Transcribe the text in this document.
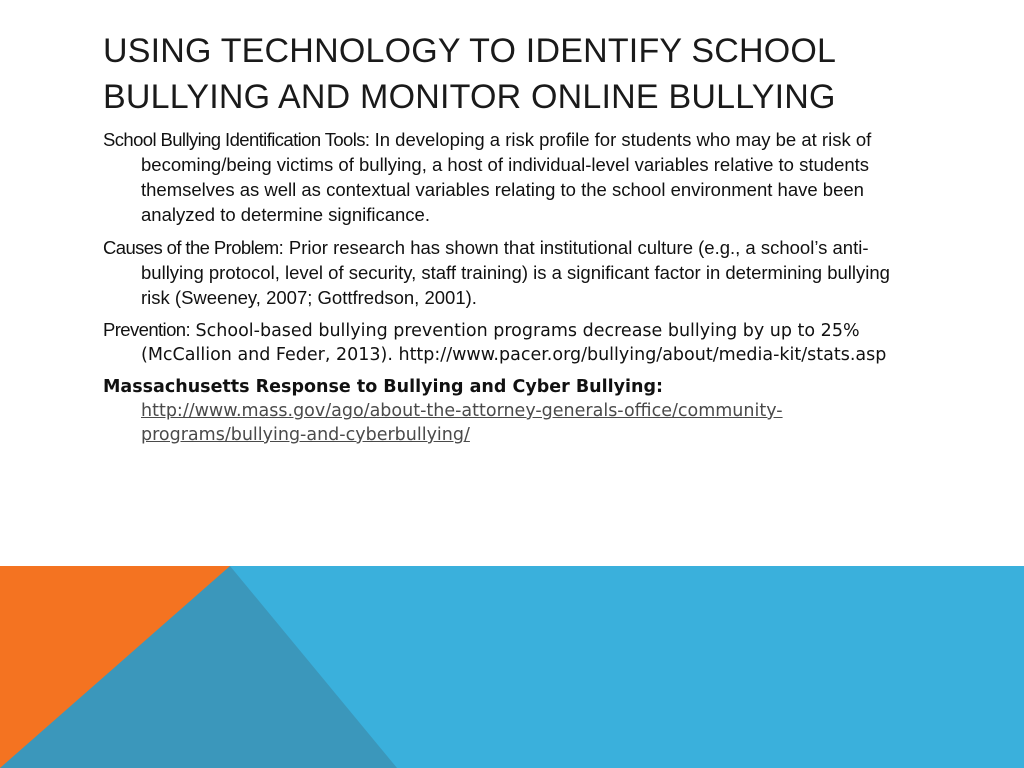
USING TECHNOLOGY TO IDENTIFY SCHOOL BULLYING AND MONITOR ONLINE BULLYING

School Bullying Identification Tools: In developing a risk profile for students who may be at risk of becoming/being victims of bullying, a host of individual-level variables relative to students themselves as well as contextual variables relating to the school environment have been analyzed to determine significance.

Causes of the Problem: Prior research has shown that institutional culture (e.g., a school’s anti-bullying protocol, level of security, staff training) is a significant factor in determining bullying risk (Sweeney, 2007; Gottfredson, 2001).

Prevention: School-based bullying prevention programs decrease bullying by up to 25% (McCallion and Feder, 2013). http://www.pacer.org/bullying/about/media-kit/stats.asp

Massachusetts Response to Bullying and Cyber Bullying:
http://www.mass.gov/ago/about-the-attorney-generals-office/community-programs/bullying-and-cyberbullying/
